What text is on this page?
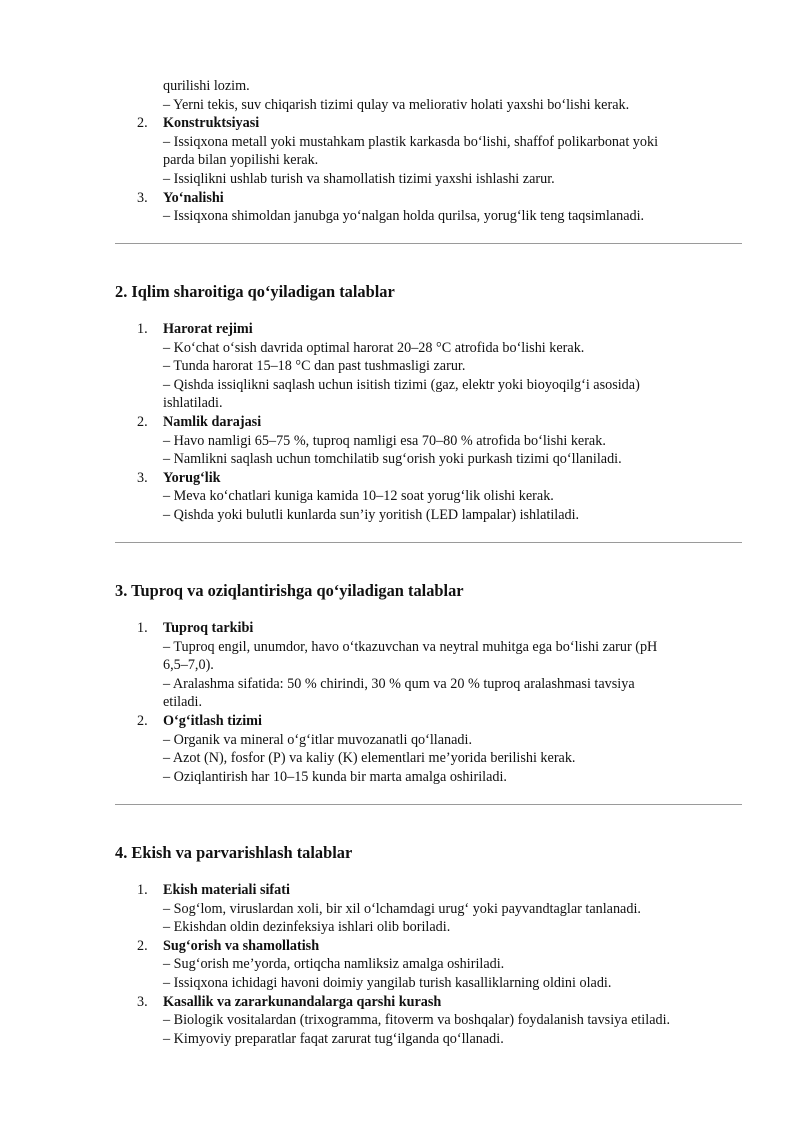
qurilishi lozim.
– Yerni tekis, suv chiqarish tizimi qulay va meliorativ holati yaxshi bo‘lishi kerak.
2. Konstruktsiyasi
– Issiqxona metall yoki mustahkam plastik karkasda bo‘lishi, shaffof polikarbonat yoki
parda bilan yopilishi kerak.
– Issiqlikni ushlab turish va shamollatish tizimi yaxshi ishlashi zarur.
3. Yo‘nalishi
– Issiqxona shimoldan janubga yo‘nalgan holda qurilsa, yorug‘lik teng taqsimlanadi.
2. Iqlim sharoitiga qo‘yiladigan talablar
1. Harorat rejimi
– Ko‘chat o‘sish davrida optimal harorat 20–28 °C atrofida bo‘lishi kerak.
– Tunda harorat 15–18 °C dan past tushmasligi zarur.
– Qishda issiqlikni saqlash uchun isitish tizimi (gaz, elektr yoki bioyoqilg‘i asosida)
ishlatiladi.
2. Namlik darajasi
– Havo namligi 65–75 %, tuproq namligi esa 70–80 % atrofida bo‘lishi kerak.
– Namlikni saqlash uchun tomchilatib sug‘orish yoki purkash tizimi qo‘llaniladi.
3. Yorug‘lik
– Meva ko‘chatlari kuniga kamida 10–12 soat yorug‘lik olishi kerak.
– Qishda yoki bulutli kunlarda sun’iy yoritish (LED lampalar) ishlatiladi.
3. Tuproq va oziqlantirishga qo‘yiladigan talablar
1. Tuproq tarkibi
– Tuproq engil, unumdor, havo o‘tkazuvchan va neytral muhitga ega bo‘lishi zarur (pH
6,5–7,0).
– Aralashma sifatida: 50 % chirindi, 30 % qum va 20 % tuproq aralashmasi tavsiya
etiladi.
2. O‘g‘itlash tizimi
– Organik va mineral o‘g‘itlar muvozanatli qo‘llanadi.
– Azot (N), fosfor (P) va kaliy (K) elementlari me’yorida berilishi kerak.
– Oziqlantirish har 10–15 kunda bir marta amalga oshiriladi.
4. Ekish va parvarishlash talablar
1. Ekish materiali sifati
– Sog‘lom, viruslardan xoli, bir xil o‘lchamdagi urug‘ yoki payvandtaglar tanlanadi.
– Ekishdan oldin dezinfeksiya ishlari olib boriladi.
2. Sug‘orish va shamollatish
– Sug‘orish me’yorda, ortiqcha namliksiz amalga oshiriladi.
– Issiqxona ichidagi havoni doimiy yangilab turish kasalliklarning oldini oladi.
3. Kasallik va zararkunandalarga qarshi kurash
– Biologik vositalardan (trixogramma, fitoverm va boshqalar) foydalanish tavsiya etiladi.
– Kimyoviy preparatlar faqat zarurat tug‘ilganda qo‘llanadi.
